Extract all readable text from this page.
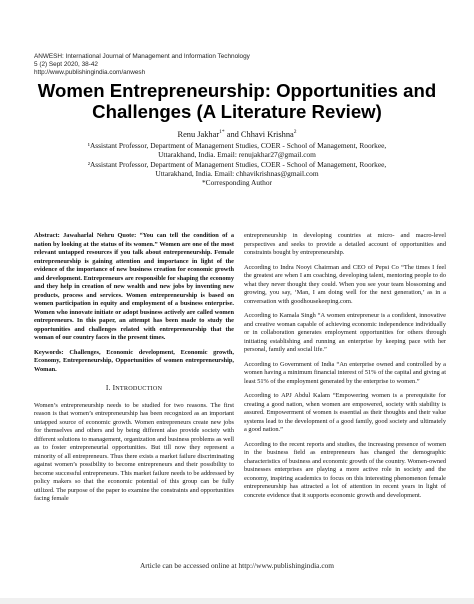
ANWESH: International Journal of Management and Information Technology
5 (2) Sept 2020, 38-42
http://www.publishingindia.com/anwesh
Women Entrepreneurship: Opportunities and
Challenges (A Literature Review)
Renu Jakhar$^{1*}$ and Chhavi Krishna$^2$
¹Assistant Professor, Department of Management Studies, COER - School of Management, Roorkee,
Uttarakhand, India. Email: renujakhar27@gmail.com
²Assistant Professor, Department of Management Studies, COER - School of Management, Roorkee,
Uttarakhand, India. Email: chhavikrishnas@gmail.com
*Corresponding Author

Abstract: Jawaharlal Nehru Quote: “You can tell the condition of a nation by looking at the status of its women.” Women are one of the most relevant untapped resources if you talk about entrepreneurship. Female entrepreneurship is gaining attention and importance in light of the evidence of the importance of new business creation for economic growth and development. Entrepreneurs are responsible for shaping the economy and they help in creation of new wealth and new jobs by inventing new products, process and services. Women entrepreneurship is based on women participation in equity and employment of a business enterprise. Women who innovate initiate or adopt business actively are called women entrepreneurs. In this paper, an attempt has been made to study the opportunities and challenges related with entrepreneurship that the woman of our country faces in the present times.

Keywords: Challenges, Economic development, Economic growth, Economy, Entrepreneurship, Opportunities of women entrepreneurship, Woman.

I. INTRODUCTION

Women’s entrepreneurship needs to be studied for two reasons. The first reason is that women’s entrepreneurship has been recognized as an important untapped source of economic growth. Women entrepreneurs create new jobs for themselves and others and by being different also provide society with different solutions to management, organization and business problems as well as to foster entrepreneurial opportunities. But till now they represent a minority of all entrepreneurs. Thus there exists a market failure discriminating against women’s possibility to become entrepreneurs and their possibility to become successful entrepreneurs. This market failure needs to be addressed by policy makers so that the economic potential of this group can be fully utilized. The purpose of the paper to examine the constraints and opportunities facing female

entrepreneurship in developing countries at micro- and macro-level perspectives and seeks to provide a detailed account of opportunities and constraints bought by entrepreneurship.

According to Indra Nooyi Chairman and CEO of Pepsi Co “The times I feel the greatest are when I am coaching, developing talent, mentoring people to do what they never thought they could. When you see your team blossoming and growing, you say, ‘Man, I am doing well for the next generation,’ as in a conversation with goodhousekeeping.com.

According to Kamala Singh “A women entrepreneur is a confident, innovative and creative woman capable of achieving economic independence individually or in collaboration generates employment opportunities for others through initiating establishing and running an enterprise by keeping pace with her personal, family and social life.”

According to Government of India “An enterprise owned and controlled by a women having a minimum financial interest of 51% of the capital and giving at least 51% of the employment generated by the enterprise to women.”

According to APJ Abdul Kalam “Empowering women is a prerequisite for creating a good nation, when women are empowered, society with stability is assured. Empowerment of women is essential as their thoughts and their value systems lead to the development of a good family, good society and ultimately a good nation.”

According to the recent reports and studies, the increasing presence of women in the business field as entrepreneurs has changed the demographic characteristics of business and economic growth of the country. Women-owned businesses enterprises are playing a more active role in society and the economy, inspiring academics to focus on this interesting phenomenon female entrepreneurship has attracted a lot of attention in recent years in light of concrete evidence that it supports economic growth and development.

Article can be accessed online at http://www.publishingindia.com
